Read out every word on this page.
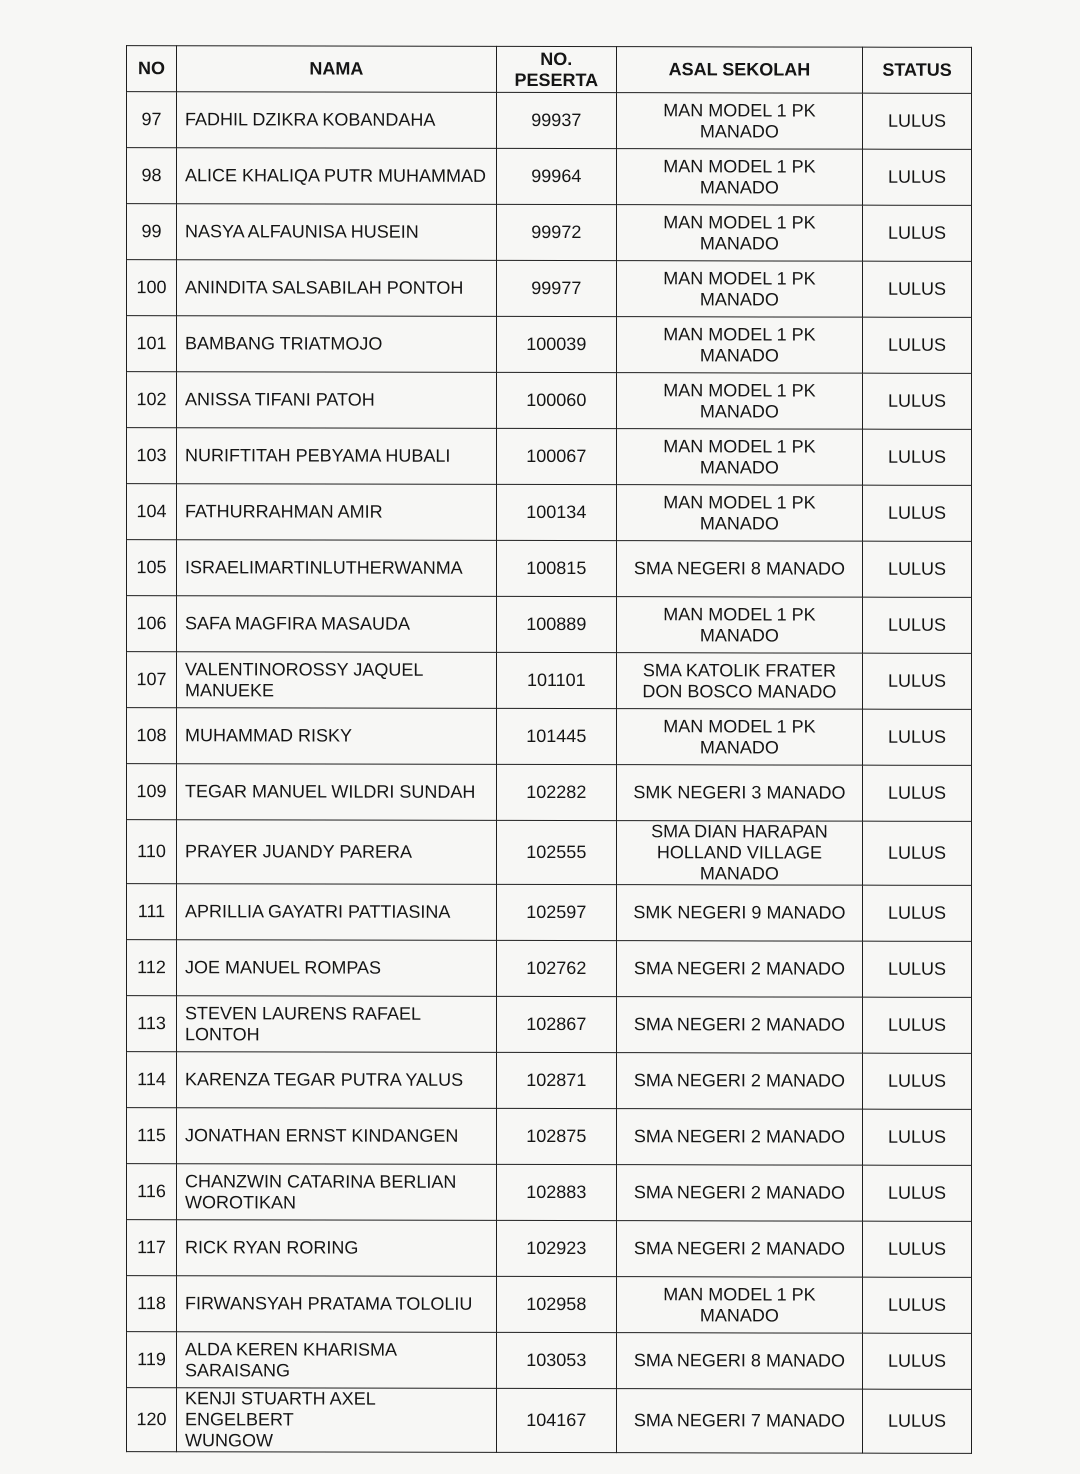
NO	NAMA	NO.
PESERTA	ASAL SEKOLAH	STATUS
97	FADHIL DZIKRA KOBANDAHA	99937	MAN MODEL 1 PK
MANADO	LULUS
98	ALICE KHALIQA PUTR MUHAMMAD	99964	MAN MODEL 1 PK
MANADO	LULUS
99	NASYA ALFAUNISA HUSEIN	99972	MAN MODEL 1 PK
MANADO	LULUS
100	ANINDITA SALSABILAH PONTOH	99977	MAN MODEL 1 PK
MANADO	LULUS
101	BAMBANG TRIATMOJO	100039	MAN MODEL 1 PK
MANADO	LULUS
102	ANISSA TIFANI PATOH	100060	MAN MODEL 1 PK
MANADO	LULUS
103	NURIFTITAH PEBYAMA HUBALI	100067	MAN MODEL 1 PK
MANADO	LULUS
104	FATHURRAHMAN AMIR	100134	MAN MODEL 1 PK
MANADO	LULUS
105	ISRAELIMARTINLUTHERWANMA	100815	SMA NEGERI 8 MANADO	LULUS
106	SAFA MAGFIRA MASAUDA	100889	MAN MODEL 1 PK
MANADO	LULUS
107	VALENTINOROSSY JAQUEL
MANUEKE	101101	SMA KATOLIK FRATER
DON BOSCO MANADO	LULUS
108	MUHAMMAD RISKY	101445	MAN MODEL 1 PK
MANADO	LULUS
109	TEGAR MANUEL WILDRI SUNDAH	102282	SMK NEGERI 3 MANADO	LULUS
110	PRAYER JUANDY PARERA	102555	SMA DIAN HARAPAN
HOLLAND VILLAGE
MANADO	LULUS
111	APRILLIA GAYATRI PATTIASINA	102597	SMK NEGERI 9 MANADO	LULUS
112	JOE MANUEL ROMPAS	102762	SMA NEGERI 2 MANADO	LULUS
113	STEVEN LAURENS RAFAEL
LONTOH	102867	SMA NEGERI 2 MANADO	LULUS
114	KARENZA TEGAR PUTRA YALUS	102871	SMA NEGERI 2 MANADO	LULUS
115	JONATHAN ERNST KINDANGEN	102875	SMA NEGERI 2 MANADO	LULUS
116	CHANZWIN CATARINA BERLIAN
WOROTIKAN	102883	SMA NEGERI 2 MANADO	LULUS
117	RICK RYAN RORING	102923	SMA NEGERI 2 MANADO	LULUS
118	FIRWANSYAH PRATAMA TOLOLIU	102958	MAN MODEL 1 PK
MANADO	LULUS
119	ALDA KEREN KHARISMA
SARAISANG	103053	SMA NEGERI 8 MANADO	LULUS
120	KENJI STUARTH AXEL ENGELBERT
WUNGOW	104167	SMA NEGERI 7 MANADO	LULUS
